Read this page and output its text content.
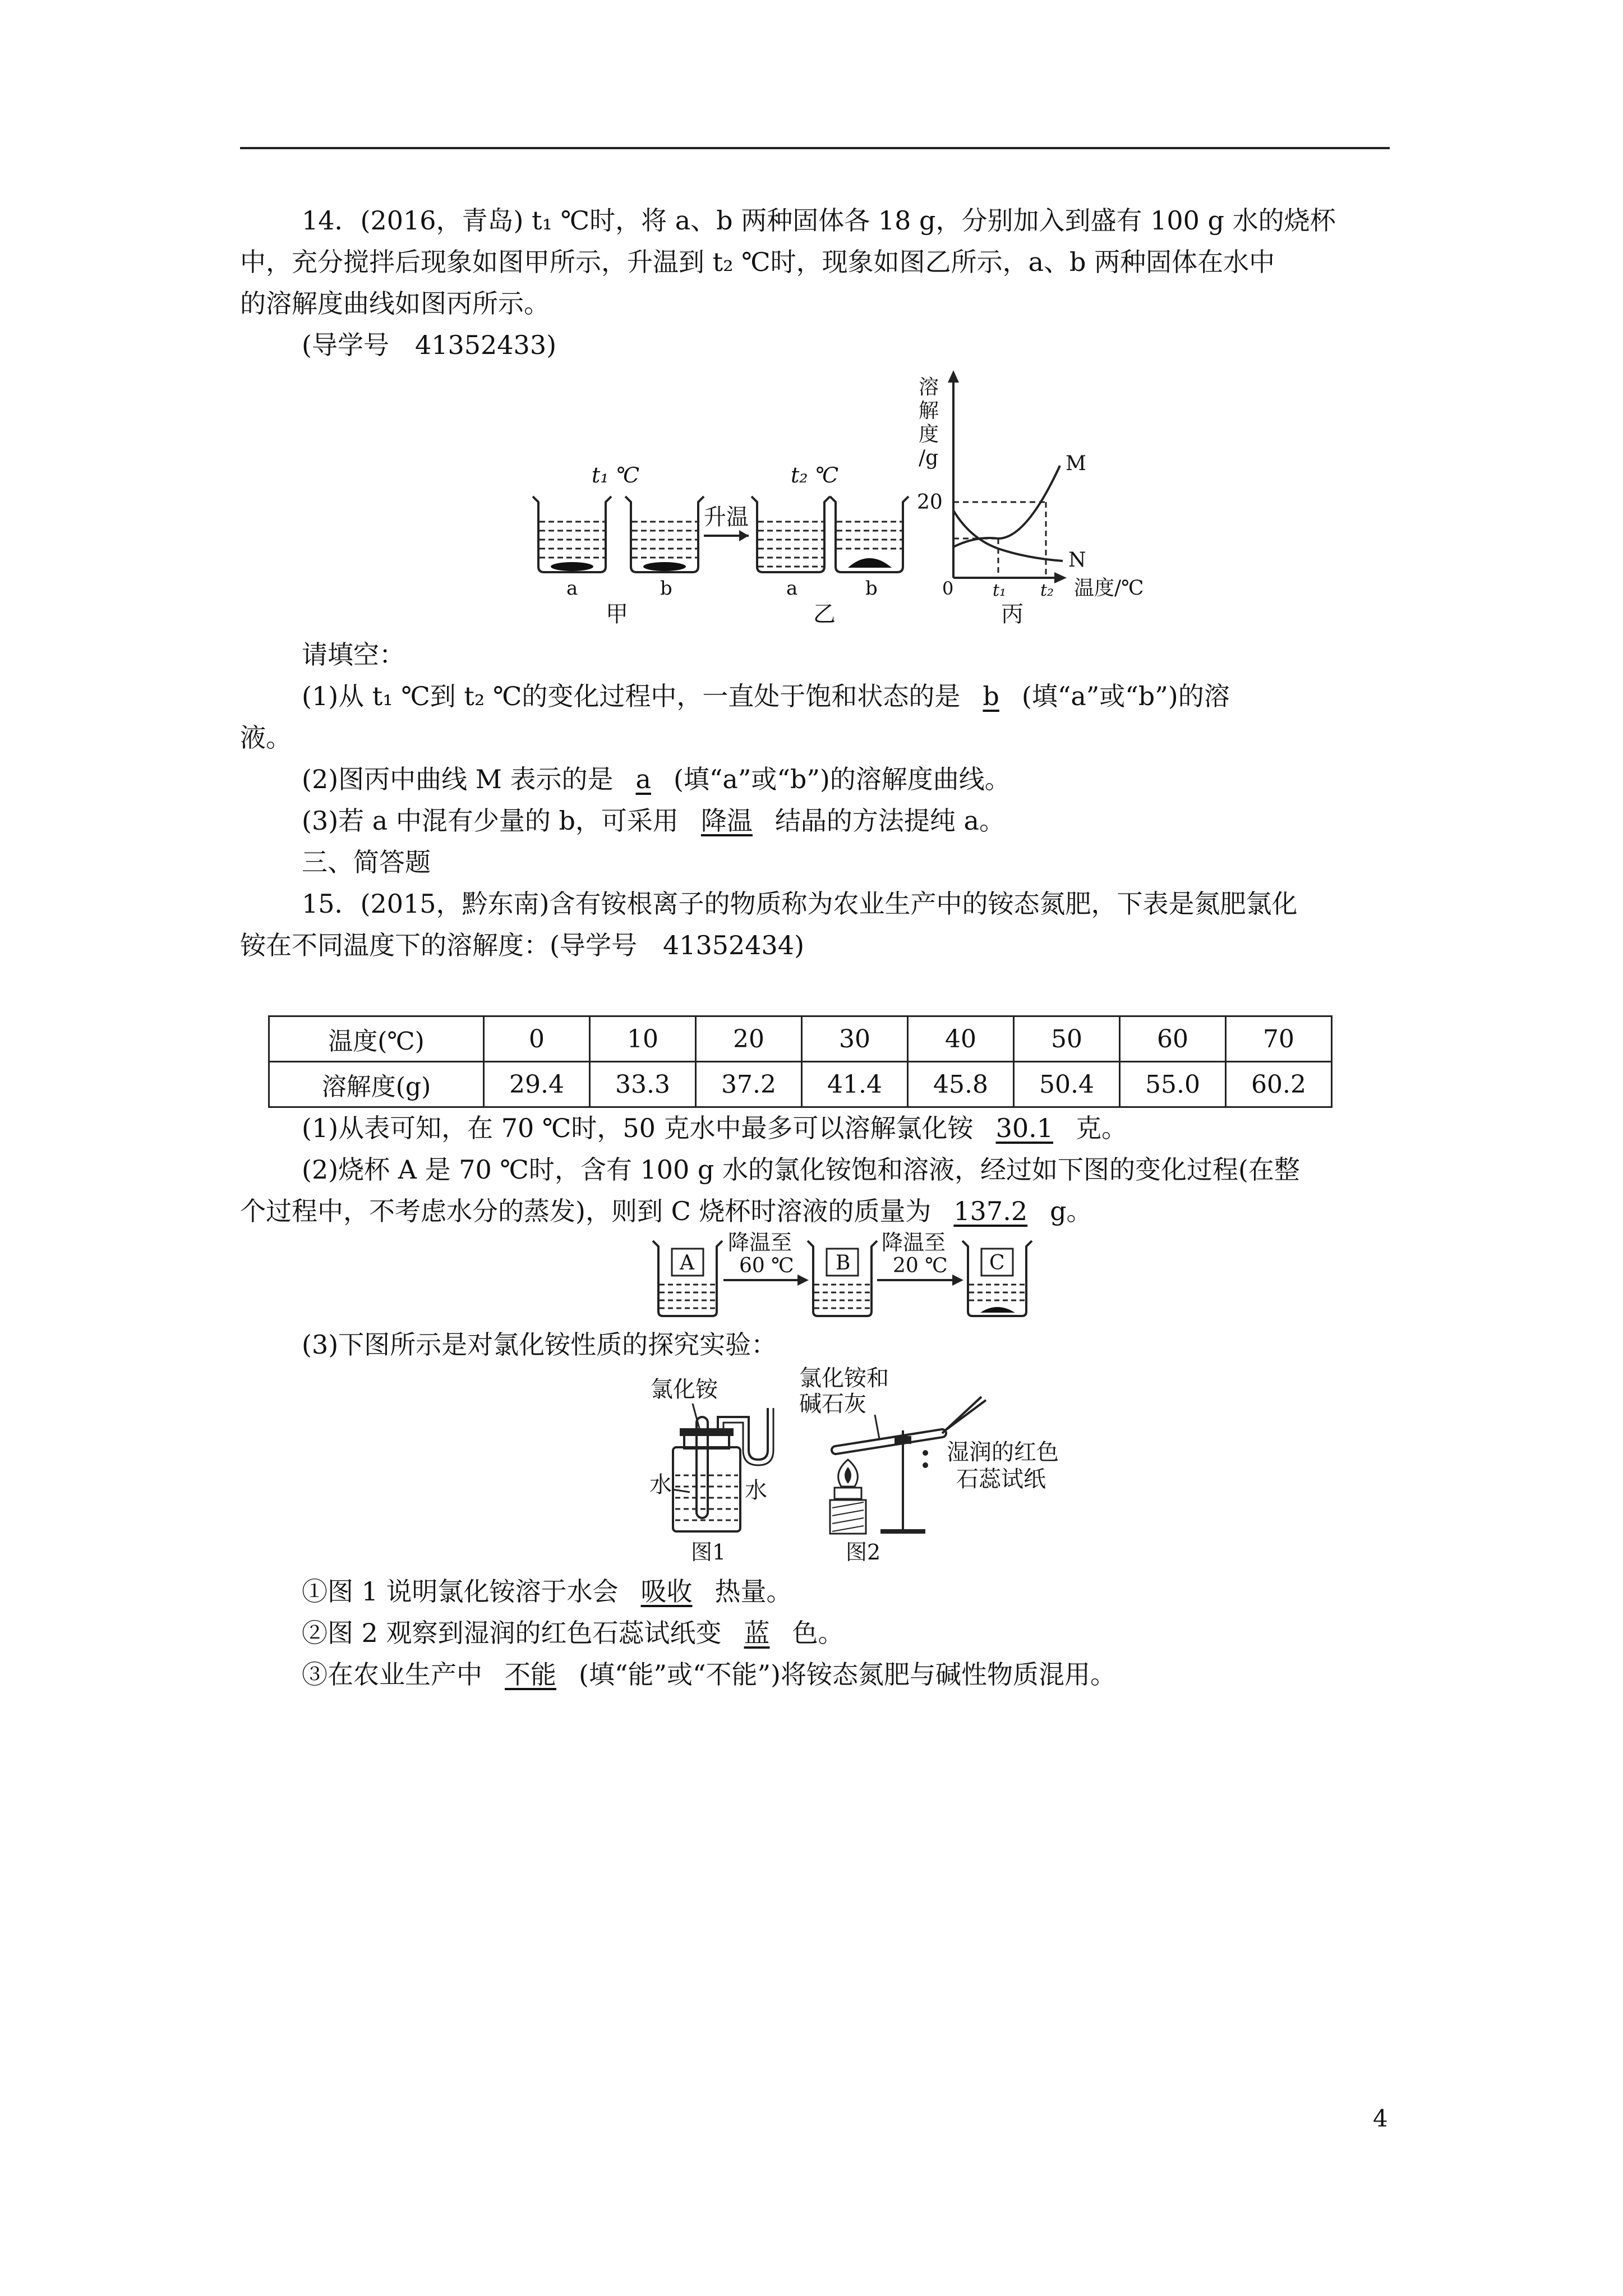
14．(2016，青岛) t₁ ℃时，将 a、b 两种固体各 18 g，分别加入到盛有 100 g 水的烧杯
中，充分搅拌后现象如图甲所示，升温到 t₂ ℃时，现象如图乙所示，a、b 两种固体在水中
的溶解度曲线如图丙所示。
(导学号　41352433)
t₁ ℃
升温
t₂ ℃
a	b	a	b
甲	乙
溶
解
度
/g
20
M
N
0 t₁ t₂ 温度/℃
丙
请填空：
(1)从 t₁ ℃到 t₂ ℃的变化过程中，一直处于饱和状态的是 b (填“a”或“b”)的溶
液。
(2)图丙中曲线 M 表示的是 a (填“a”或“b”)的溶解度曲线。
(3)若 a 中混有少量的 b，可采用 降温 结晶的方法提纯 a。
三、简答题
15．(2015，黔东南)含有铵根离子的物质称为农业生产中的铵态氮肥，下表是氮肥氯化
铵在不同温度下的溶解度：(导学号　41352434)
温度(℃)	0	10	20	30	40	50	60	70
溶解度(g)	29.4	33.3	37.2	41.4	45.8	50.4	55.0	60.2
(1)从表可知，在 70 ℃时，50 克水中最多可以溶解氯化铵 30.1 克。
(2)烧杯 A 是 70 ℃时，含有 100 g 水的氯化铵饱和溶液，经过如下图的变化过程(在整
个过程中，不考虑水分的蒸发)，则到 C 烧杯时溶液的质量为 137.2 g。
A
降温至
60 ℃ B
降温至
20 ℃ C
(3)下图所示是对氯化铵性质的探究实验：
氯化铵
水	水
图1
氯化铵和
碱石灰
湿润的红色
石蕊试纸
图2
①图 1 说明氯化铵溶于水会 吸收 热量。
②图 2 观察到湿润的红色石蕊试纸变 蓝 色。
③在农业生产中 不能 (填“能”或“不能”)将铵态氮肥与碱性物质混用。
4
